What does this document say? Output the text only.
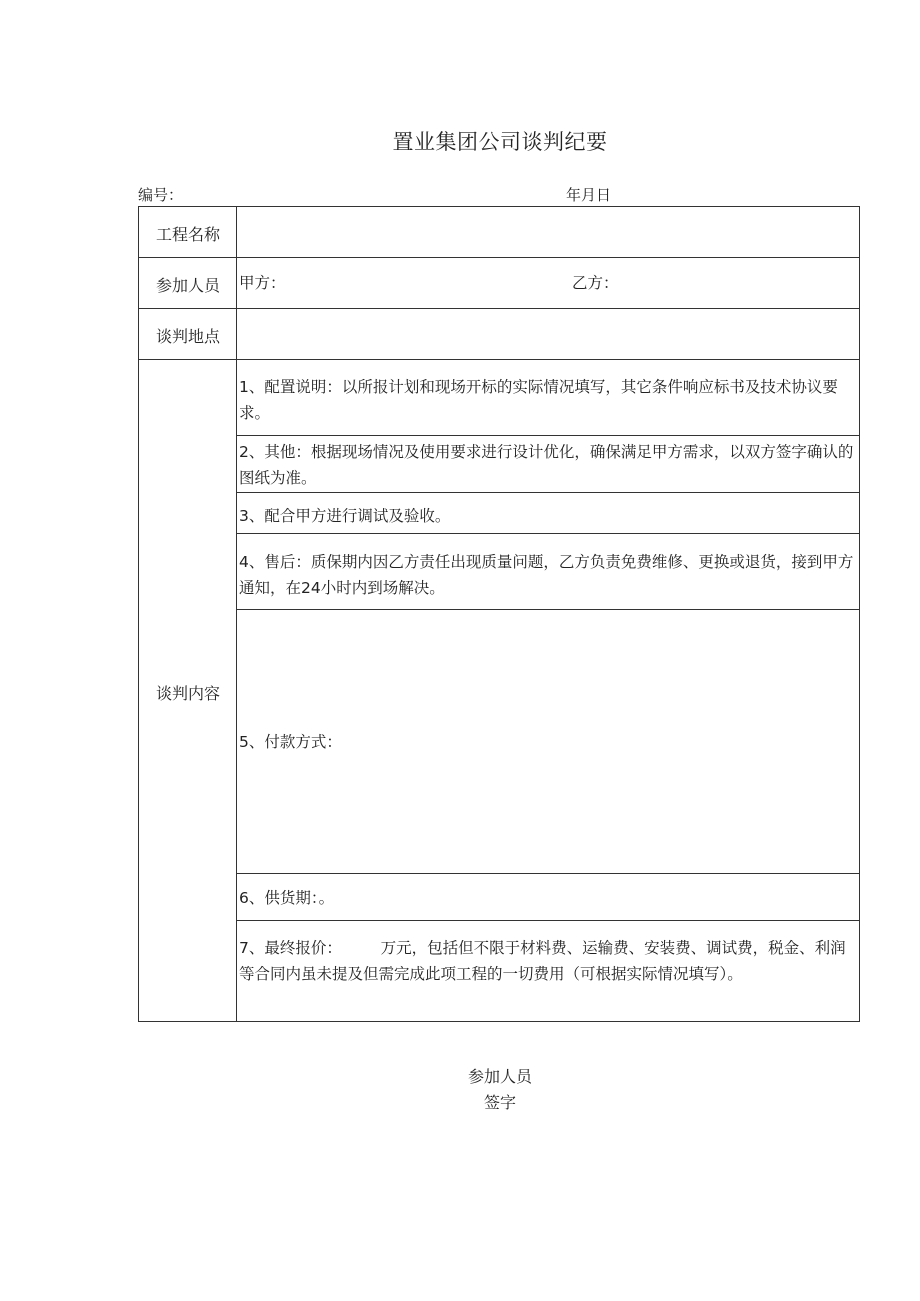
置业集团公司谈判纪要
编号：	年月日
工程名称
参加人员	甲方：	乙方：
谈判地点
谈判内容
1、配置说明：以所报计划和现场开标的实际情况填写，其它条件响应标书及技术协议要求。
2、其他：根据现场情况及使用要求进行设计优化，确保满足甲方需求，以双方签字确认的图纸为准。
3、配合甲方进行调试及验收。
4、售后：质保期内因乙方责任出现质量问题，乙方负责免费维修、更换或退货，接到甲方通知，在24小时内到场解决。
5、付款方式：
6、供货期：。
7、最终报价：　　　万元，包括但不限于材料费、运输费、安装费、调试费，税金、利润等合同内虽未提及但需完成此项工程的一切费用（可根据实际情况填写）。
参加人员
签字
